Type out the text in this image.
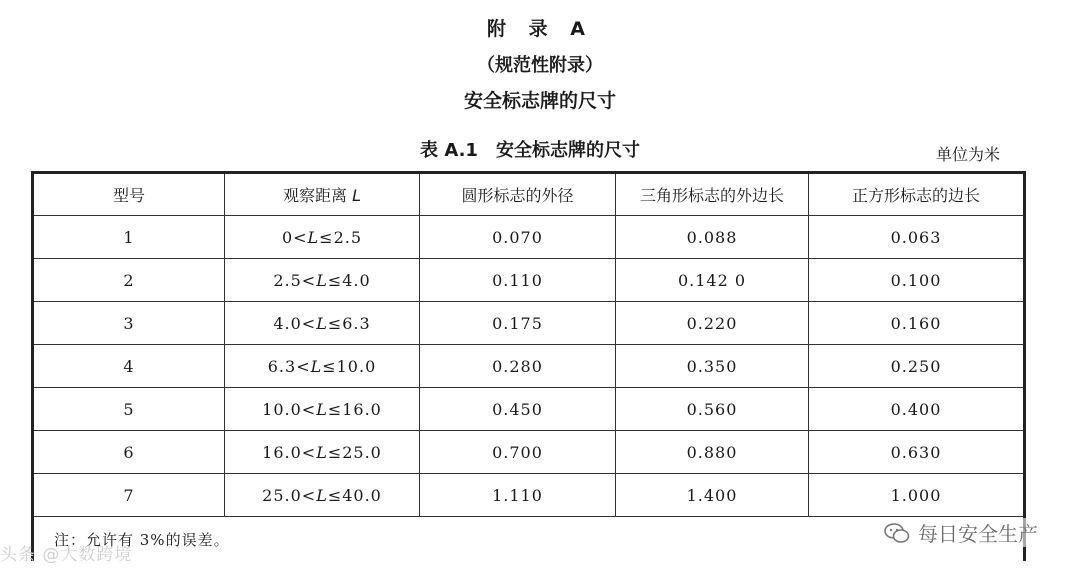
附 录 A
（规范性附录）
安全标志牌的尺寸
表 A.1　安全标志牌的尺寸	单位为米
型号	观察距离 L	圆形标志的外径	三角形标志的外边长	正方形标志的边长
1	0<L≤2.5	0.070	0.088	0.063
2	2.5<L≤4.0	0.110	0.142 0	0.100
3	4.0<L≤6.3	0.175	0.220	0.160
4	6.3<L≤10.0	0.280	0.350	0.250
5	10.0<L≤16.0	0.450	0.560	0.400
6	16.0<L≤25.0	0.700	0.880	0.630
7	25.0<L≤40.0	1.110	1.400	1.000
注：允许有 3%的误差。				
头条 @大数跨境
每日安全生产
